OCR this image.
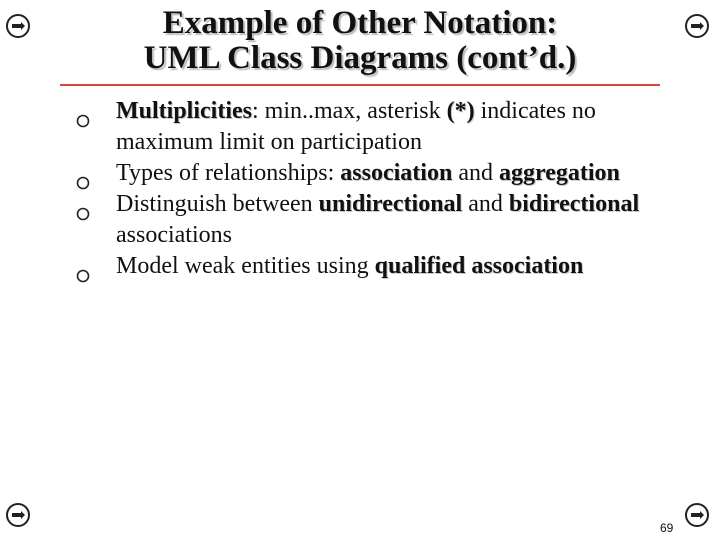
Example of Other Notation:
UML Class Diagrams (cont’d.)
Multiplicities: min..max, asterisk (*) indicates no maximum limit on participation
Types of relationships: association and aggregation
Distinguish between unidirectional and bidirectional associations
Model weak entities using qualified association
69
